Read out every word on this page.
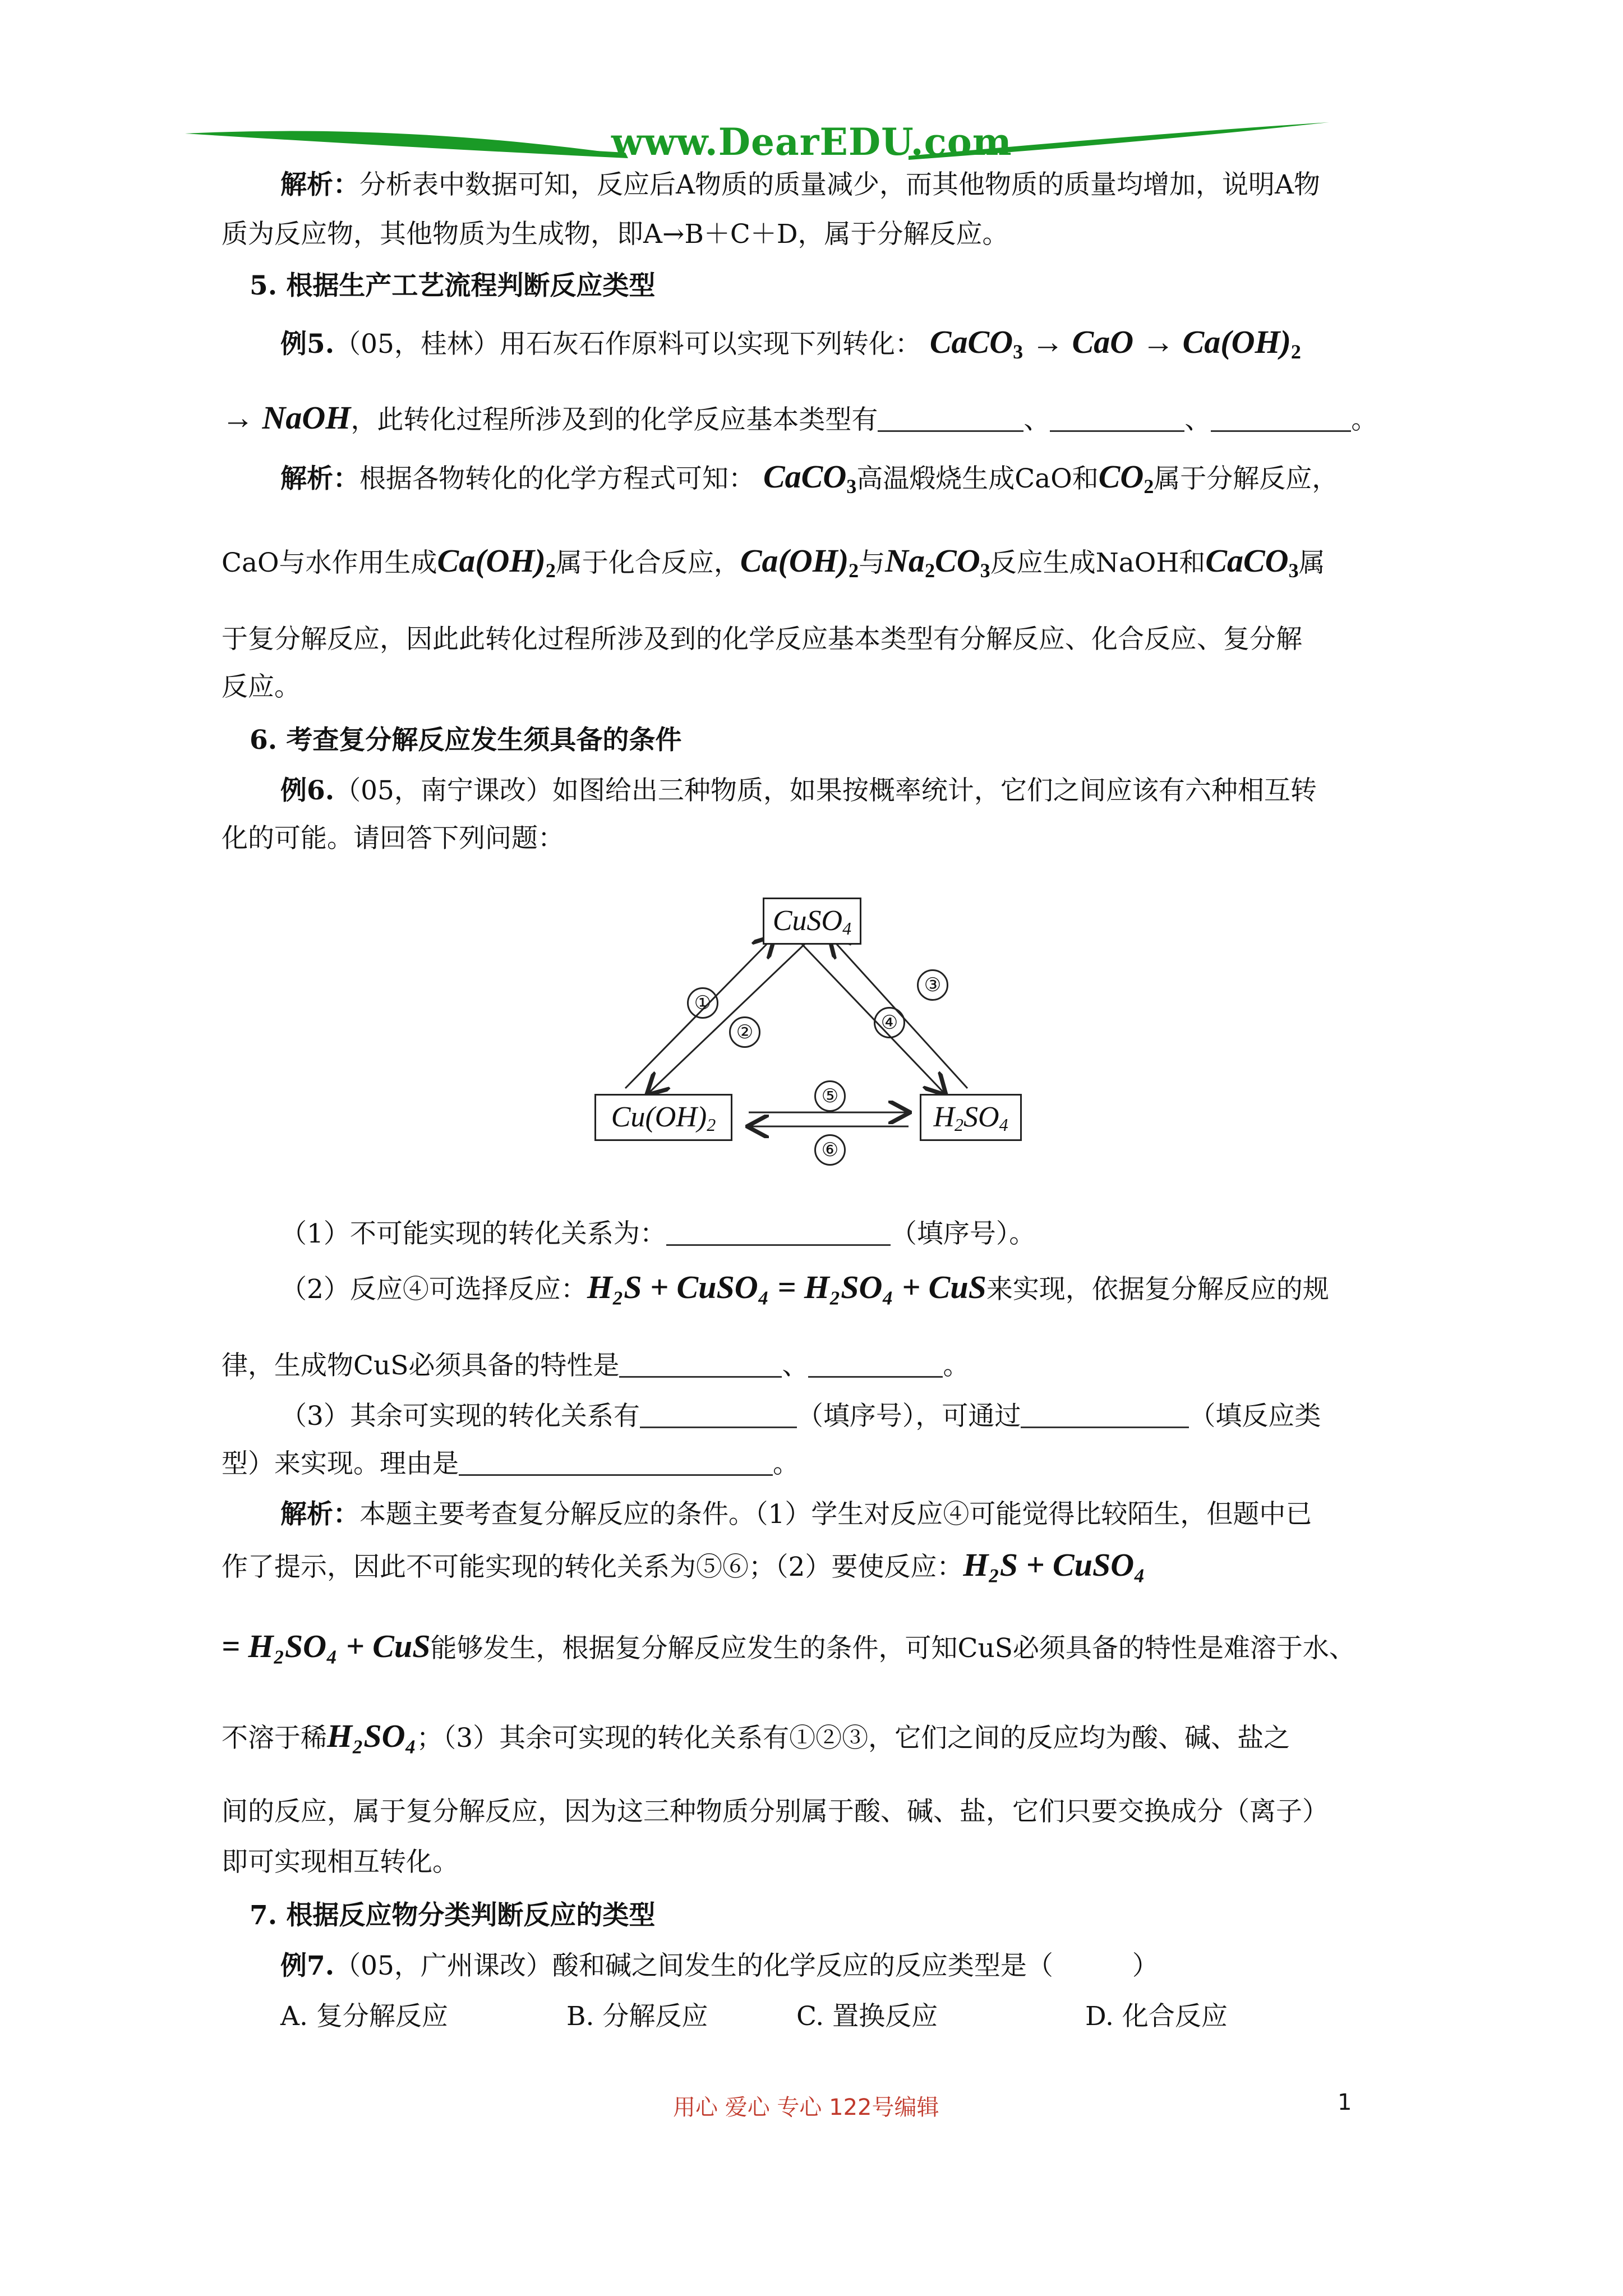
www.DearEDU.com
解析：分析表中数据可知，反应后A物质的质量减少，而其他物质的质量均增加，说明A物
质为反应物，其他物质为生成物，即A→B＋C＋D，属于分解反应。
5. 根据生产工艺流程判断反应类型
例5.（05，桂林）用石灰石作原料可以实现下列转化： CaCO$_3$ → CaO → $Ca(OH)_2$
→ NaOH，此转化过程所涉及到的化学反应基本类型有	、	、	。
解析：根据各物转化的化学方程式可知： CaCO$_3$高温煅烧生成CaO和$CO_2$属于分解反应，
CaO与水作用生成$Ca(OH)_2$属于化合反应，$Ca(OH)_2$与$Na_2CO_3$反应生成NaOH和CaCO$_3$属
于复分解反应，因此此转化过程所涉及到的化学反应基本类型有分解反应、化合反应、复分解
反应。
6. 考查复分解反应发生须具备的条件
例6.（05，南宁课改）如图给出三种物质，如果按概率统计，它们之间应该有六种相互转
化的可能。请回答下列问题：
CuSO$_4$
$Cu(OH)_2$	$H_2SO_4$
①
②
③
④
⑤
⑥
（1）不可能实现的转化关系为：	（填序号）。
（2）反应④可选择反应：H₂S + CuSO₄ = H₂SO₄ + CuS来实现，依据复分解反应的规
律，生成物CuS必须具备的特性是	、	。
（3）其余可实现的转化关系有	（填序号），可通过	（填反应类
型）来实现。理由是	。
解析：本题主要考查复分解反应的条件。（1）学生对反应④可能觉得比较陌生，但题中已
作了提示，因此不可能实现的转化关系为⑤⑥；（2）要使反应：H₂S + CuSO₄
= H₂SO₄ + CuS能够发生，根据复分解反应发生的条件，可知CuS必须具备的特性是难溶于水、
不溶于稀H₂SO₄；（3）其余可实现的转化关系有①②③，它们之间的反应均为酸、碱、盐之
间的反应，属于复分解反应，因为这三种物质分别属于酸、碱、盐，它们只要交换成分（离子）
即可实现相互转化。
7. 根据反应物分类判断反应的类型
例7.（05，广州课改）酸和碱之间发生的化学反应的反应类型是（　　　）
A. 复分解反应	B. 分解反应	C. 置换反应	D. 化合反应
用心 爱心 专心 122号编辑	1
